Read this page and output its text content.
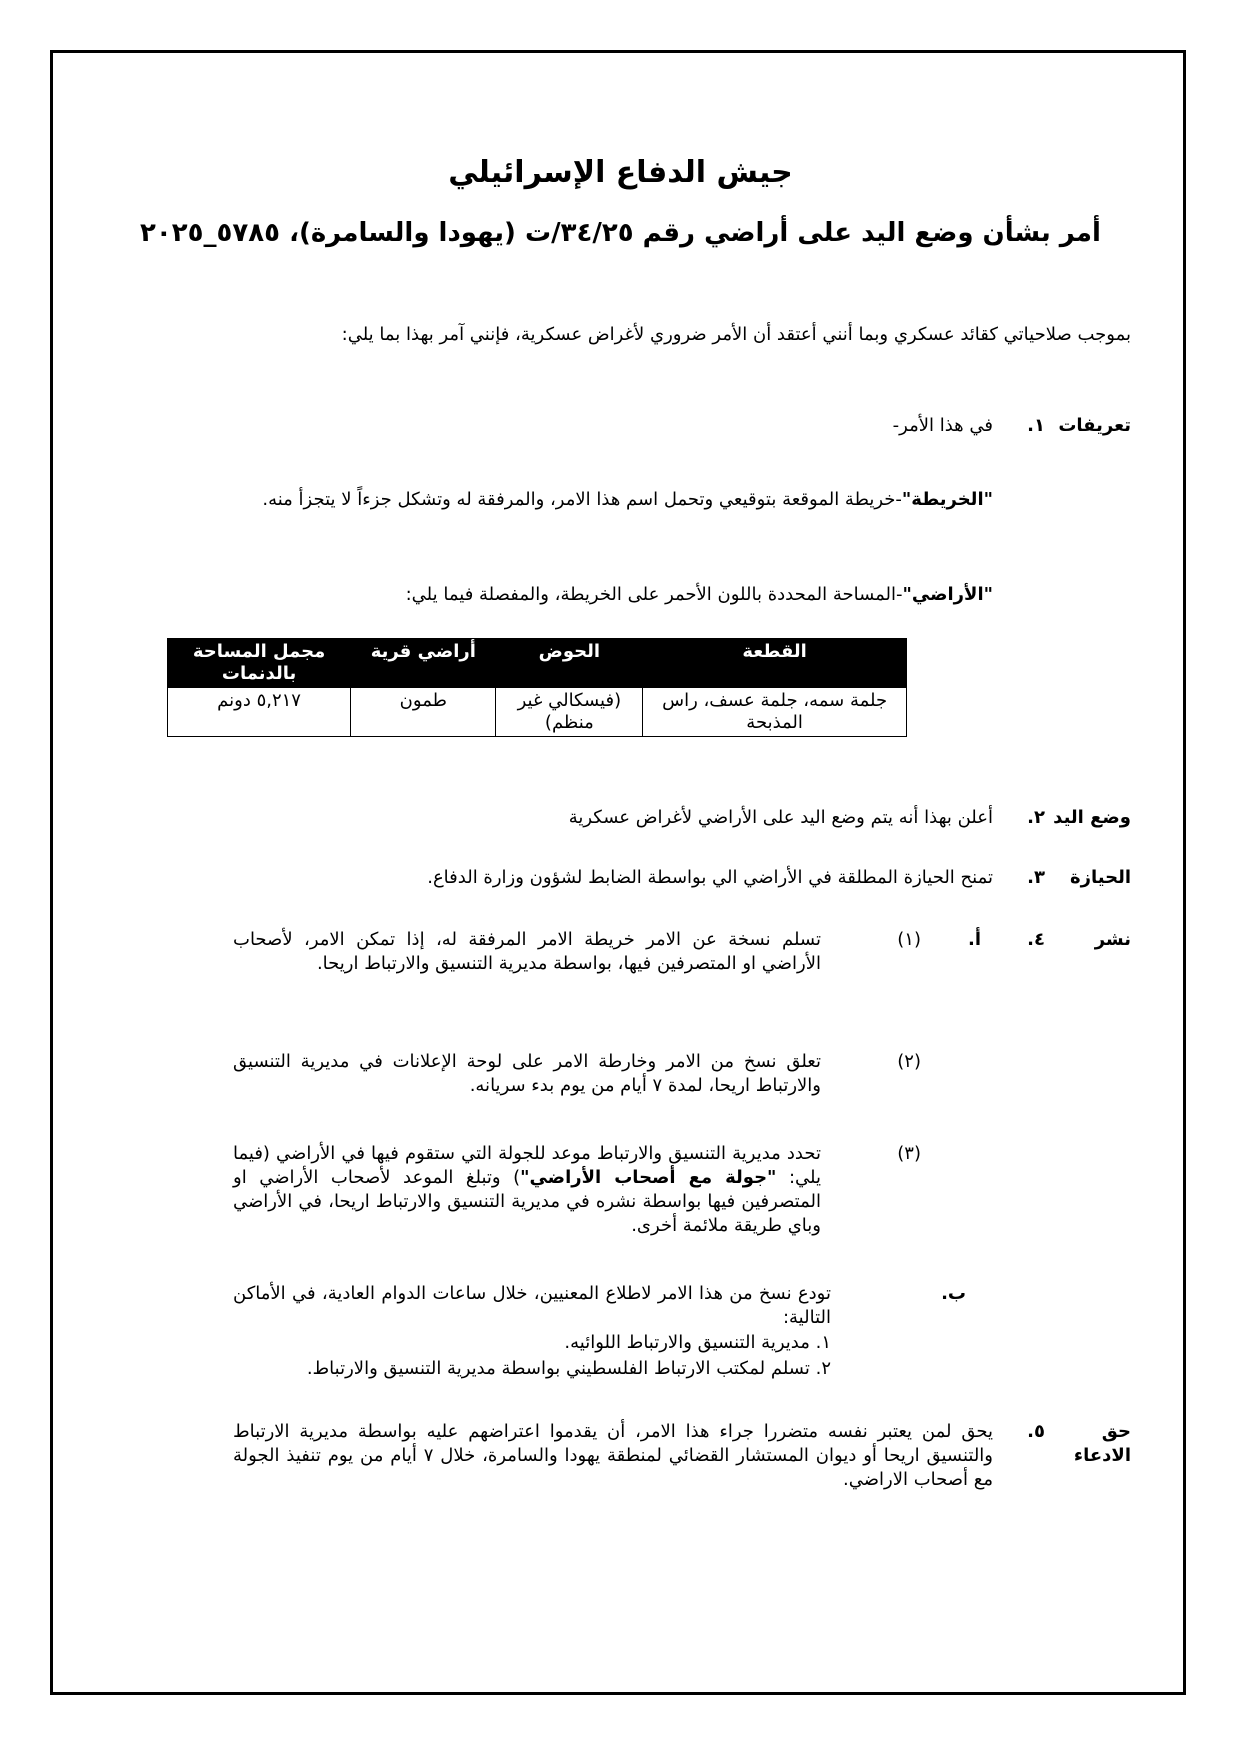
جيش الدفاع الإسرائيلي
أمر بشأن وضع اليد على أراضي رقم ٣٤/٢٥/ت (يهودا والسامرة)، ٥٧٨٥_٢٠٢٥
بموجب صلاحياتي كقائد عسكري وبما أنني أعتقد أن الأمر ضروري لأغراض عسكرية، فإنني آمر بهذا بما يلي:
تعريفات
١.
في هذا الأمر-
"الخريطة"-خريطة الموقعة بتوقيعي وتحمل اسم هذا الامر، والمرفقة له وتشكل جزءاً لا يتجزأ منه.
"الأراضي"-المساحة المحددة باللون الأحمر على الخريطة، والمفصلة فيما يلي:
القطعة	الحوض	أراضي قرية	مجمل المساحة بالدنمات
جلمة سمه، جلمة عسف، راس المذبحة	(فيسكالي غير منظم)	طمون	٥,٢١٧ دونم
وضع اليد
٢.
أعلن بهذا أنه يتم وضع اليد على الأراضي لأغراض عسكرية
الحيازة
٣.
تمنح الحيازة المطلقة في الأراضي الي بواسطة الضابط لشؤون وزارة الدفاع.
نشر
٤.
أ.
(١)
تسلم نسخة عن الامر خريطة الامر المرفقة له، إذا تمكن الامر، لأصحاب الأراضي او المتصرفين فيها، بواسطة مديرية التنسيق والارتباط اريحا.
(٢)
تعلق نسخ من الامر وخارطة الامر على لوحة الإعلانات في مديرية التنسيق والارتباط اريحا، لمدة ٧ أيام من يوم بدء سريانه.
(٣)
تحدد مديرية التنسيق والارتباط موعد للجولة التي ستقوم فيها في الأراضي (فيما يلي: "جولة مع أصحاب الأراضي") وتبلغ الموعد لأصحاب الأراضي او المتصرفين فيها بواسطة نشره في مديرية التنسيق والارتباط اريحا، في الأراضي وباي طريقة ملائمة أخرى.
ب.
تودع نسخ من هذا الامر لاطلاع المعنيين، خلال ساعات الدوام العادية، في الأماكن التالية:
١. مديرية التنسيق والارتباط اللوائيه.
٢. تسلم لمكتب الارتباط الفلسطيني بواسطة مديرية التنسيق والارتباط.
حق
الادعاء
٥.
يحق لمن يعتبر نفسه متضررا جراء هذا الامر، أن يقدموا اعتراضهم عليه بواسطة مديرية الارتباط والتنسيق اريحا أو ديوان المستشار القضائي لمنطقة يهودا والسامرة، خلال ٧ أيام من يوم تنفيذ الجولة مع أصحاب الاراضي.
